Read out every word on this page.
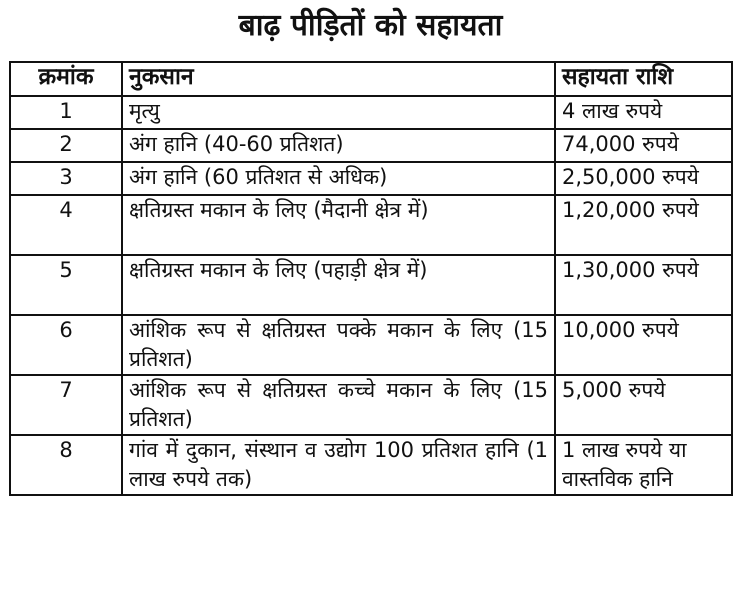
बाढ़ पीड़ितों को सहायता
क्रमांक	नुकसान	सहायता राशि
1	मृत्यु	4 लाख रुपये
2	अंग हानि (40-60 प्रतिशत)	74,000 रुपये
3	अंग हानि (60 प्रतिशत से अधिक)	2,50,000 रुपये
4	क्षतिग्रस्त मकान के लिए (मैदानी क्षेत्र में)	1,20,000 रुपये
5	क्षतिग्रस्त मकान के लिए (पहाड़ी क्षेत्र में)	1,30,000 रुपये
6	आंशिक रूप से क्षतिग्रस्त पक्के मकान के लिए (15 प्रतिशत)	10,000 रुपये
7	आंशिक रूप से क्षतिग्रस्त कच्चे मकान के लिए (15 प्रतिशत)	5,000 रुपये
8	गांव में दुकान, संस्थान व उद्योग 100 प्रतिशत हानि (1 लाख रुपये तक)	1 लाख रुपये या वास्तविक हानि
